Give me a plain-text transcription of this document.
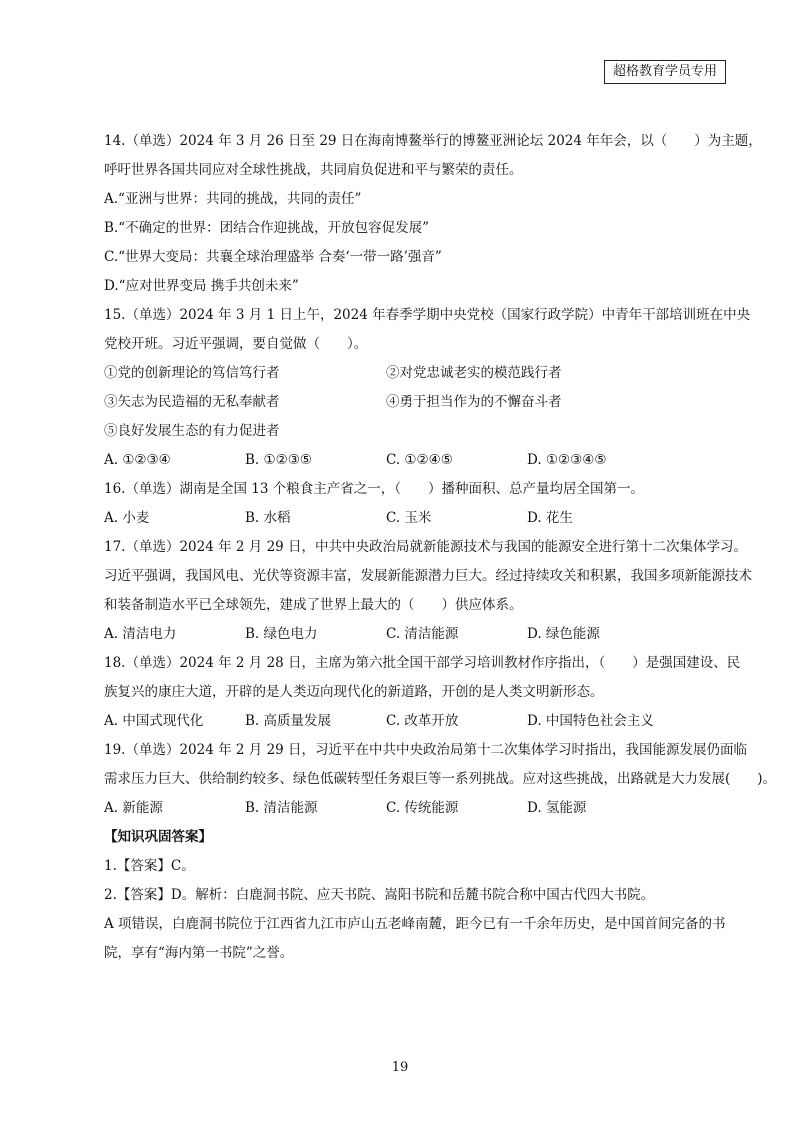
超格教育学员专用
14.（单选）2024 年 3 月 26 日至 29 日在海南博鳌举行的博鳌亚洲论坛 2024 年年会，以（　　）为主题，
呼吁世界各国共同应对全球性挑战，共同肩负促进和平与繁荣的责任。
A.“亚洲与世界：共同的挑战，共同的责任”
B.“不确定的世界：团结合作迎挑战，开放包容促发展”
C.“世界大变局：共襄全球治理盛举 合奏‘一带一路’强音”
D.“应对世界变局 携手共创未来”
15.（单选）2024 年 3 月 1 日上午，2024 年春季学期中央党校（国家行政学院）中青年干部培训班在中央
党校开班。习近平强调，要自觉做（　　）。
①党的创新理论的笃信笃行者	②对党忠诚老实的模范践行者
③矢志为民造福的无私奉献者	④勇于担当作为的不懈奋斗者
⑤良好发展生态的有力促进者
A. ①②③④	B. ①②③⑤	C. ①②④⑤	D. ①②③④⑤
16.（单选）湖南是全国 13 个粮食主产省之一，（　　）播种面积、总产量均居全国第一。
A. 小麦	B. 水稻	C. 玉米	D. 花生
17.（单选）2024 年 2 月 29 日，中共中央政治局就新能源技术与我国的能源安全进行第十二次集体学习。
习近平强调，我国风电、光伏等资源丰富，发展新能源潜力巨大。经过持续攻关和积累，我国多项新能源技术
和装备制造水平已全球领先，建成了世界上最大的（　　）供应体系。
A. 清洁电力	B. 绿色电力	C. 清洁能源	D. 绿色能源
18.（单选）2024 年 2 月 28 日，主席为第六批全国干部学习培训教材作序指出，（　　）是强国建设、民
族复兴的康庄大道，开辟的是人类迈向现代化的新道路，开创的是人类文明新形态。
A. 中国式现代化	B. 高质量发展	C. 改革开放	D. 中国特色社会主义
19.（单选）2024 年 2 月 29 日，习近平在中共中央政治局第十二次集体学习时指出，我国能源发展仍面临
需求压力巨大、供给制约较多、绿色低碳转型任务艰巨等一系列挑战。应对这些挑战，出路就是大力发展(　　)。
A. 新能源	B. 清洁能源	C. 传统能源	D. 氢能源
【知识巩固答案】
1.【答案】C。
2.【答案】D。解析：白鹿洞书院、应天书院、嵩阳书院和岳麓书院合称中国古代四大书院。
A 项错误，白鹿洞书院位于江西省九江市庐山五老峰南麓，距今已有一千余年历史，是中国首间完备的书
院，享有“海内第一书院”之誉。
19
